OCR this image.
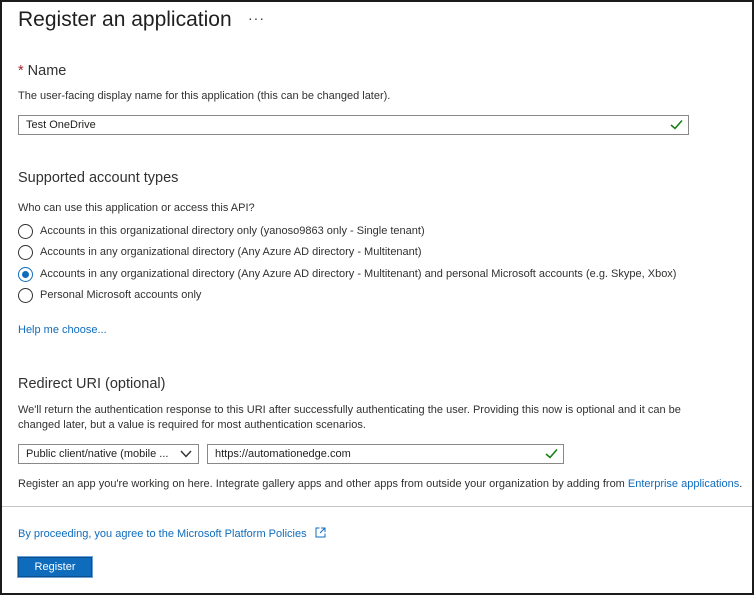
Register an application ···
* Name
The user-facing display name for this application (this can be changed later).
Test OneDrive
Supported account types
Who can use this application or access this API?
Accounts in this organizational directory only (yanoso9863 only - Single tenant)
Accounts in any organizational directory (Any Azure AD directory - Multitenant)
Accounts in any organizational directory (Any Azure AD directory - Multitenant) and personal Microsoft accounts (e.g. Skype, Xbox)
Personal Microsoft accounts only
Help me choose...
Redirect URI (optional)
We'll return the authentication response to this URI after successfully authenticating the user. Providing this now is optional and it can be
changed later, but a value is required for most authentication scenarios.
Public client/native (mobile ...	https://automationedge.com
Register an app you're working on here. Integrate gallery apps and other apps from outside your organization by adding from Enterprise applications.
By proceeding, you agree to the Microsoft Platform Policies
Register
